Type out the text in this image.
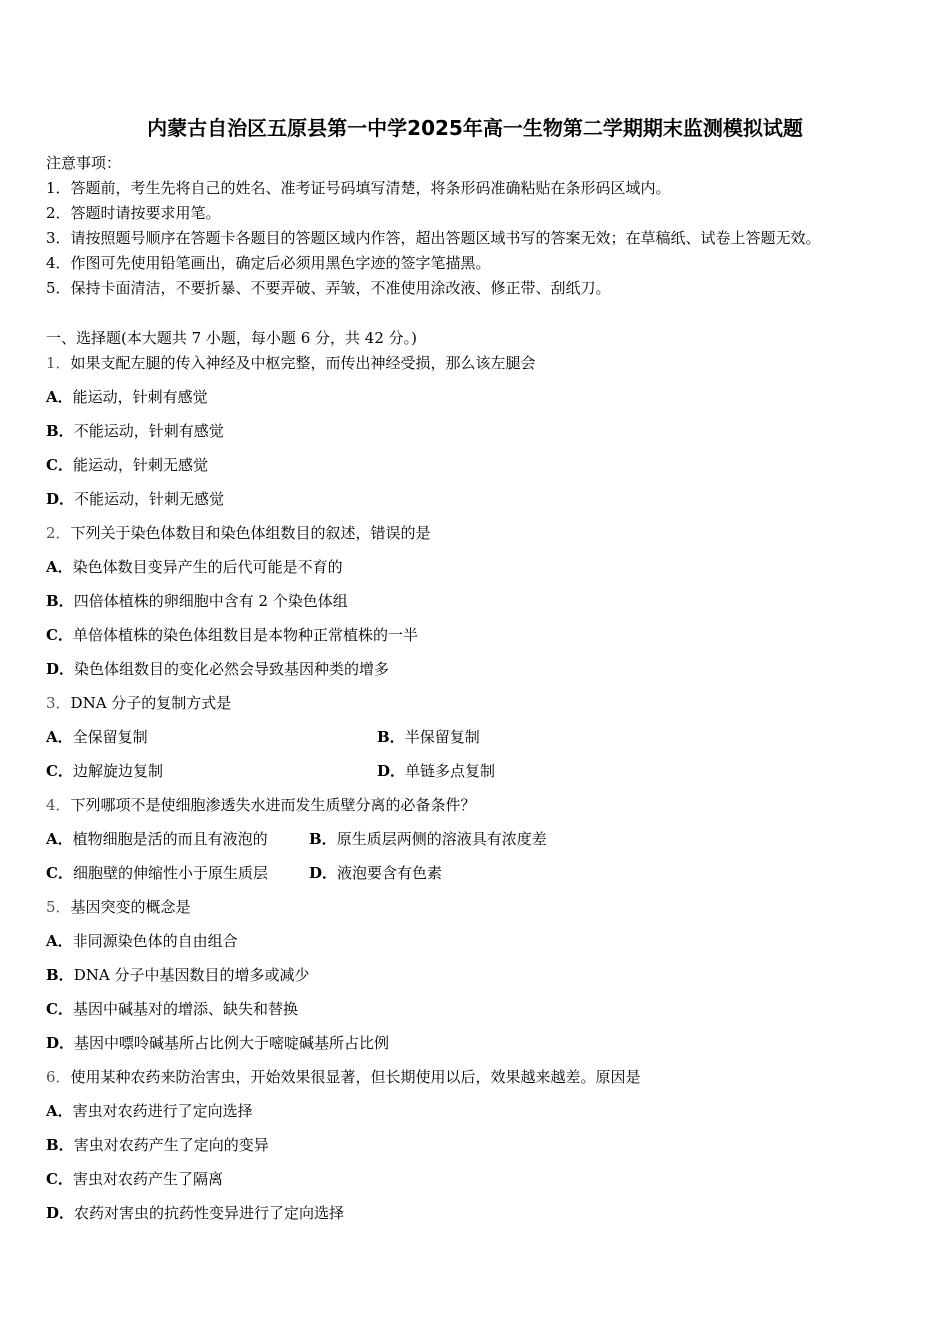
内蒙古自治区五原县第一中学2025年高一生物第二学期期末监测模拟试题
注意事项：
1．答题前，考生先将自己的姓名、准考证号码填写清楚，将条形码准确粘贴在条形码区域内。
2．答题时请按要求用笔。
3．请按照题号顺序在答题卡各题目的答题区域内作答，超出答题区域书写的答案无效；在草稿纸、试卷上答题无效。
4．作图可先使用铅笔画出，确定后必须用黑色字迹的签字笔描黑。
5．保持卡面清洁，不要折暴、不要弄破、弄皱，不准使用涂改液、修正带、刮纸刀。
一、选择题(本大题共 7 小题，每小题 6 分，共 42 分。)
1．如果支配左腿的传入神经及中枢完整，而传出神经受损，那么该左腿会
A．能运动，针刺有感觉
B．不能运动，针刺有感觉
C．能运动，针刺无感觉
D．不能运动，针刺无感觉
2．下列关于染色体数目和染色体组数目的叙述，错误的是
A．染色体数目变异产生的后代可能是不育的
B．四倍体植株的卵细胞中含有 2 个染色体组
C．单倍体植株的染色体组数目是本物种正常植株的一半
D．染色体组数目的变化必然会导致基因种类的增多
3．DNA 分子的复制方式是
A．全保留复制	B．半保留复制
C．边解旋边复制	D．单链多点复制
4．下列哪项不是使细胞渗透失水进而发生质壁分离的必备条件？
A．植物细胞是活的而且有液泡的	B．原生质层两侧的溶液具有浓度差
C．细胞壁的伸缩性小于原生质层	D．液泡要含有色素
5．基因突变的概念是
A．非同源染色体的自由组合
B．DNA 分子中基因数目的增多或减少
C．基因中碱基对的增添、缺失和替换
D．基因中嘌呤碱基所占比例大于嘧啶碱基所占比例
6．使用某种农药来防治害虫，开始效果很显著，但长期使用以后，效果越来越差。原因是
A．害虫对农药进行了定向选择
B．害虫对农药产生了定向的变异
C．害虫对农药产生了隔离
D．农药对害虫的抗药性变异进行了定向选择
